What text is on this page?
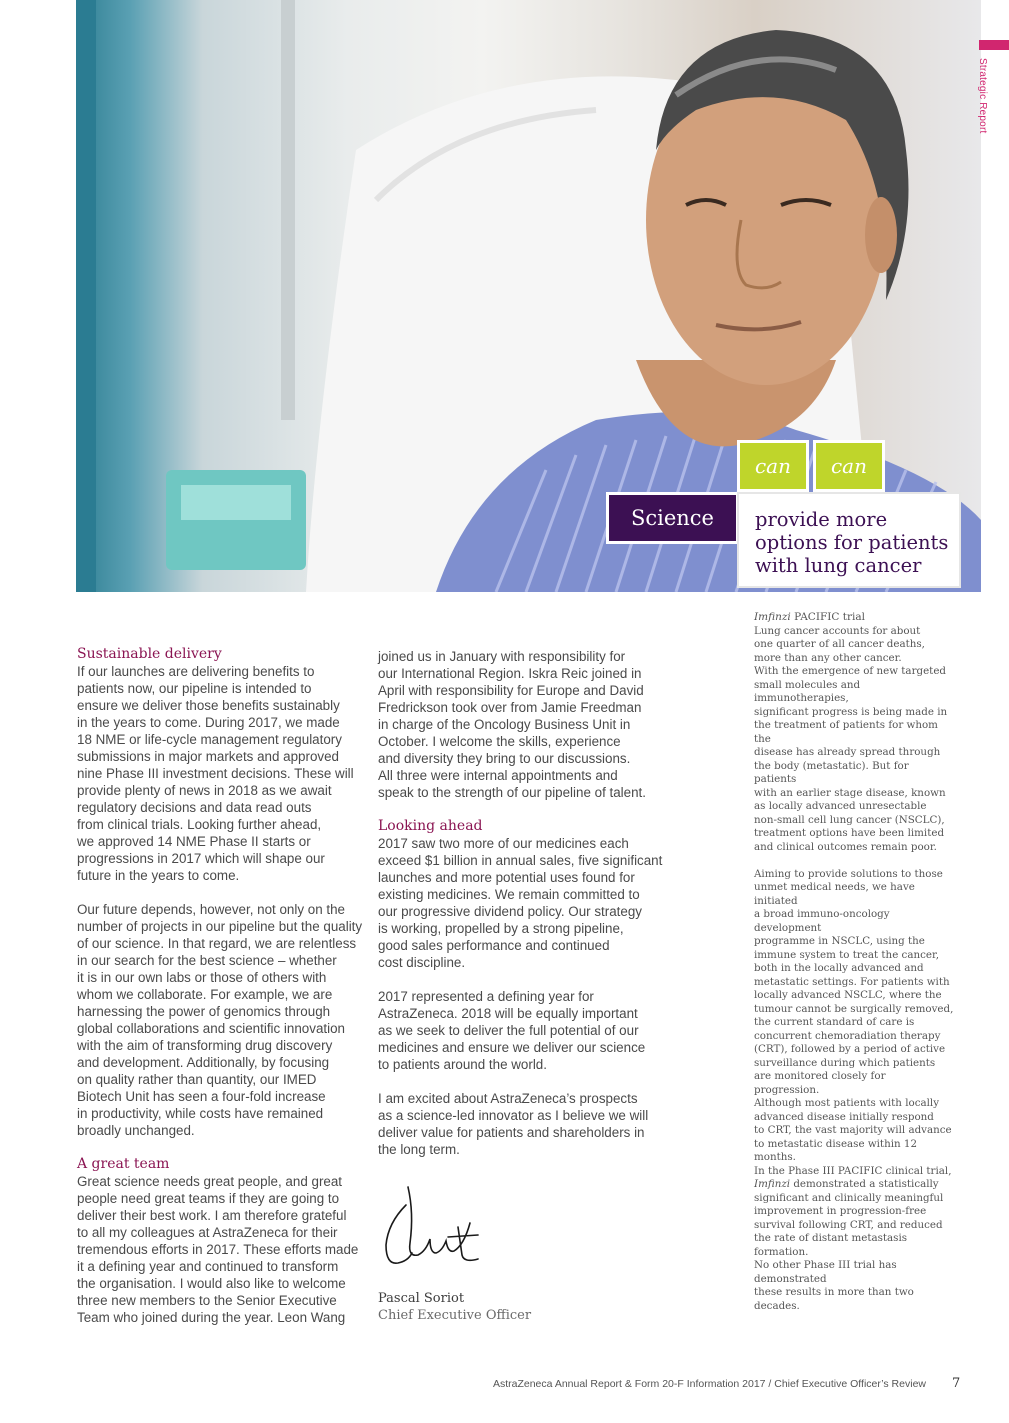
can
Strategic Report
can
Science	provide more options for patients with lung cancer
Sustainable delivery

If our launches are delivering benefits to
patients now, our pipeline is intended to
ensure we deliver those benefits sustainably
in the years to come. During 2017, we made
18 NME or life-cycle management regulatory
submissions in major markets and approved
nine Phase III investment decisions. These will
provide plenty of news in 2018 as we await
regulatory decisions and data read outs
from clinical trials. Looking further ahead,
we approved 14 NME Phase II starts or
progressions in 2017 which will shape our
future in the years to come.

Our future depends, however, not only on the
number of projects in our pipeline but the quality
of our science. In that regard, we are relentless
in our search for the best science – whether
it is in our own labs or those of others with
whom we collaborate. For example, we are
harnessing the power of genomics through
global collaborations and scientific innovation
with the aim of transforming drug discovery
and development. Additionally, by focusing
on quality rather than quantity, our IMED
Biotech Unit has seen a four-fold increase
in productivity, while costs have remained
broadly unchanged.

A great team

Great science needs great people, and great
people need great teams if they are going to
deliver their best work. I am therefore grateful
to all my colleagues at AstraZeneca for their
tremendous efforts in 2017. These efforts made
it a defining year and continued to transform
the organisation. I would also like to welcome
three new members to the Senior Executive
Team who joined during the year. Leon Wang

joined us in January with responsibility for
our International Region. Iskra Reic joined in
April with responsibility for Europe and David
Fredrickson took over from Jamie Freedman
in charge of the Oncology Business Unit in
October. I welcome the skills, experience
and diversity they bring to our discussions.
All three were internal appointments and
speak to the strength of our pipeline of talent.

Looking ahead

2017 saw two more of our medicines each
exceed $1 billion in annual sales, five significant
launches and more potential uses found for
existing medicines. We remain committed to
our progressive dividend policy. Our strategy
is working, propelled by a strong pipeline,
good sales performance and continued
cost discipline.

2017 represented a defining year for
AstraZeneca. 2018 will be equally important
as we seek to deliver the full potential of our
medicines and ensure we deliver our science
to patients around the world.

I am excited about AstraZeneca’s prospects
as a science-led innovator as I believe we will
deliver value for patients and shareholders in
the long term.

Pascal Soriot
Chief Executive Officer
Imfinzi PACIFIC trial

Lung cancer accounts for about
one quarter of all cancer deaths,
more than any other cancer.
With the emergence of new targeted
small molecules and immunotherapies,
significant progress is being made in
the treatment of patients for whom the
disease has already spread through
the body (metastatic). But for patients
with an earlier stage disease, known
as locally advanced unresectable
non-small cell lung cancer (NSCLC),
treatment options have been limited
and clinical outcomes remain poor.

Aiming to provide solutions to those
unmet medical needs, we have initiated
a broad immuno-oncology development
programme in NSCLC, using the
immune system to treat the cancer,
both in the locally advanced and
metastatic settings. For patients with
locally advanced NSCLC, where the
tumour cannot be surgically removed,
the current standard of care is
concurrent chemoradiation therapy
(CRT), followed by a period of active
surveillance during which patients
are monitored closely for progression.
Although most patients with locally
advanced disease initially respond
to CRT, the vast majority will advance
to metastatic disease within 12 months.
In the Phase III PACIFIC clinical trial,
Imfinzi demonstrated a statistically
significant and clinically meaningful
improvement in progression-free
survival following CRT, and reduced
the rate of distant metastasis formation.
No other Phase III trial has demonstrated
these results in more than two decades.

AstraZeneca Annual Report & Form 20-F Information 2017 / Chief Executive Officer’s Review 7
